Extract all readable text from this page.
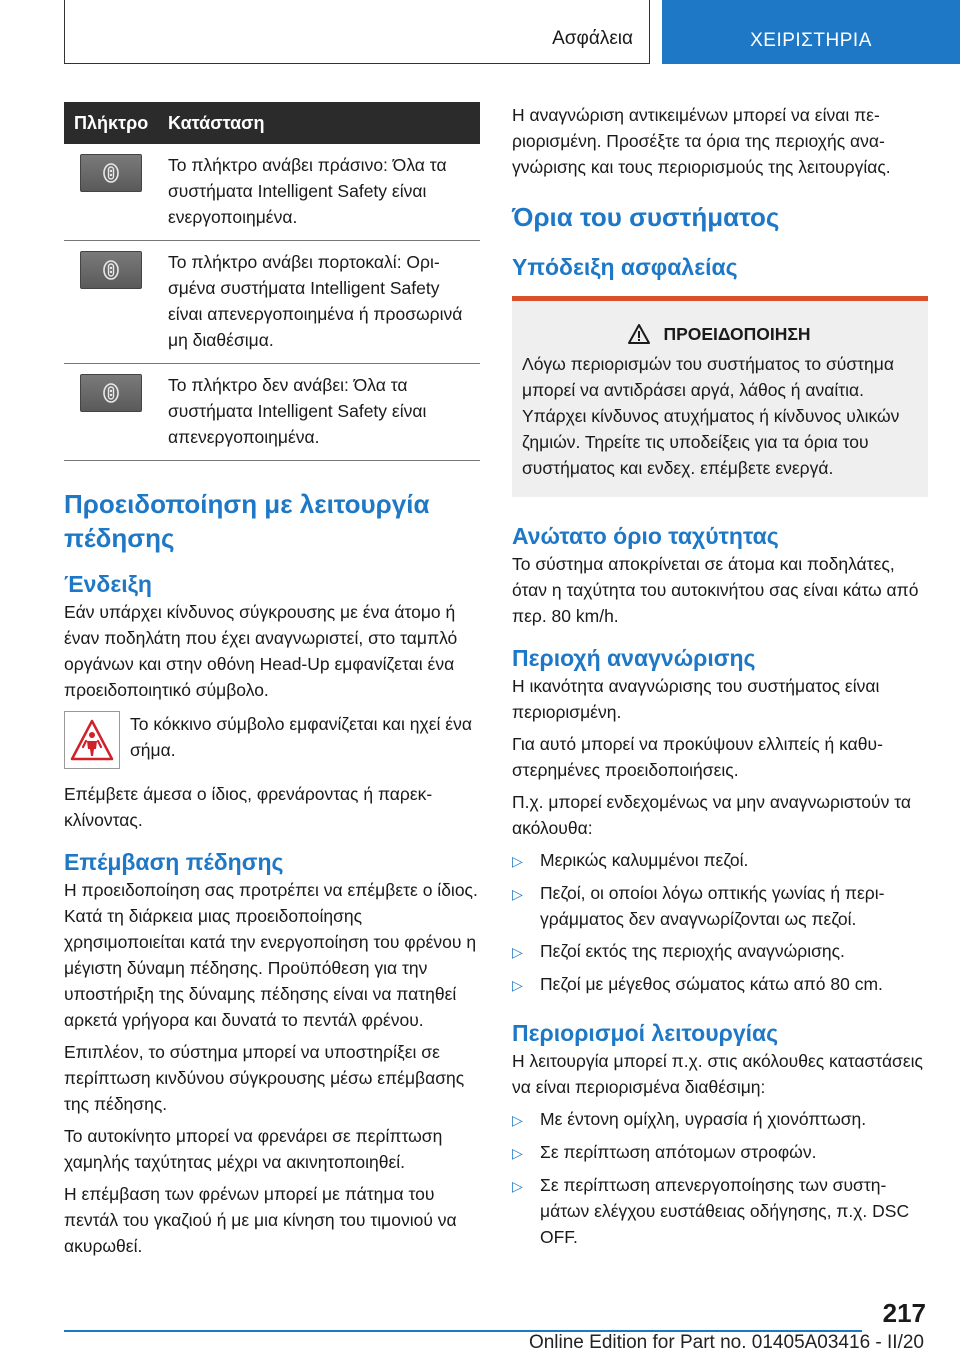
Ασφάλεια	ΧΕΙΡΙΣΤΗΡΙΑ
Πλήκτρο	Κατάσταση
Το πλήκτρο ανάβει πράσινο: Όλα τα συστήματα Intelligent Safety είναι ενεργοποιημένα.
Το πλήκτρο ανάβει πορτοκαλί: Ορισμένα συστήματα Intelligent Safety είναι απενεργοποιημένα ή προσωρινά μη διαθέσιμα.
Το πλήκτρο δεν ανάβει: Όλα τα συστήματα Intelligent Safety είναι απενεργοποιημένα.
Προειδοποίηση με λειτουργία πέδησης
Ένδειξη

Εάν υπάρχει κίνδυνος σύγκρουσης με ένα άτομο ή έναν ποδηλάτη που έχει αναγνωριστεί, στο ταμπλό οργάνων και στην οθόνη Head-Up εμφανίζεται ένα προειδοποιητικό σύμβολο.

Το κόκκινο σύμβολο εμφανίζεται και ηχεί ένα σήμα.

Επέμβετε άμεσα ο ίδιος, φρενάροντας ή παρεκκλίνοντας.

Επέμβαση πέδησης

Η προειδοποίηση σας προτρέπει να επέμβετε ο ίδιος. Κατά τη διάρκεια μιας προειδοποίησης χρησιμοποιείται κατά την ενεργοποίηση του φρένου η μέγιστη δύναμη πέδησης. Προϋπόθεση για την υποστήριξη της δύναμης πέδησης είναι να πατηθεί αρκετά γρήγορα και δυνατά το πεντάλ φρένου.

Επιπλέον, το σύστημα μπορεί να υποστηρίξει σε περίπτωση κινδύνου σύγκρουσης μέσω επέμβασης της πέδησης.

Το αυτοκίνητο μπορεί να φρενάρει σε περίπτωση χαμηλής ταχύτητας μέχρι να ακινητοποιηθεί.

Η επέμβαση των φρένων μπορεί με πάτημα του πεντάλ του γκαζιού ή με μια κίνηση του τιμονιού να ακυρωθεί.

Η αναγνώριση αντικειμένων μπορεί να είναι περιορισμένη. Προσέξτε τα όρια της περιοχής αναγνώρισης και τους περιορισμούς της λειτουργίας.

Όρια του συστήματος
Υπόδειξη ασφαλείας
ΠΡΟΕΙΔΟΠΟΙΗΣΗ

Λόγω περιορισμών του συστήματος το σύστημα μπορεί να αντιδράσει αργά, λάθος ή αναίτια. Υπάρχει κίνδυνος ατυχήματος ή κίνδυνος υλικών ζημιών. Τηρείτε τις υποδείξεις για τα όρια του συστήματος και ενδεχ. επέμβετε ενεργά.

Ανώτατο όριο ταχύτητας

Το σύστημα αποκρίνεται σε άτομα και ποδηλάτες, όταν η ταχύτητα του αυτοκινήτου σας είναι κάτω από περ. 80 km/h.

Περιοχή αναγνώρισης

Η ικανότητα αναγνώρισης του συστήματος είναι περιορισμένη.

Για αυτό μπορεί να προκύψουν ελλιπείς ή καθυστερημένες προειδοποιήσεις.

Π.χ. μπορεί ενδεχομένως να μην αναγνωριστούν τα ακόλουθα:

▷ Μερικώς καλυμμένοι πεζοί.
▷ Πεζοί, οι οποίοι λόγω οπτικής γωνίας ή περιγράμματος δεν αναγνωρίζονται ως πεζοί.
▷ Πεζοί εκτός της περιοχής αναγνώρισης.
▷ Πεζοί με μέγεθος σώματος κάτω από 80 cm.
Περιορισμοί λειτουργίας

Η λειτουργία μπορεί π.χ. στις ακόλουθες καταστάσεις να είναι περιορισμένα διαθέσιμη:

▷ Με έντονη ομίχλη, υγρασία ή χιονόπτωση.
▷ Σε περίπτωση απότομων στροφών.
▷ Σε περίπτωση απενεργοποίησης των συστημάτων ελέγχου ευστάθειας οδήγησης, π.χ. DSC OFF.
217
Online Edition for Part no. 01405A03416 - II/20
